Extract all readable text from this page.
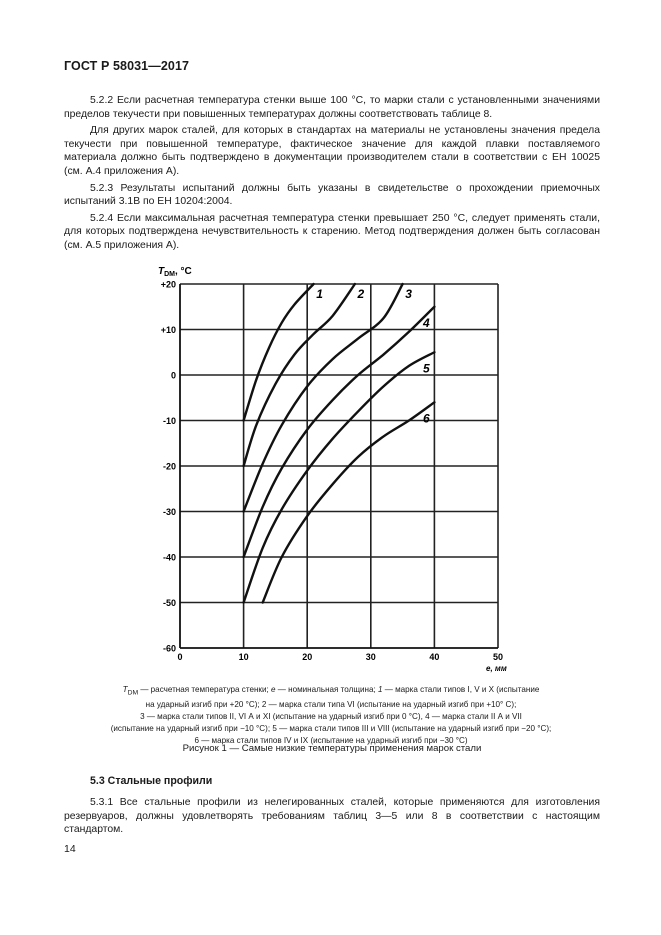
ГОСТ Р 58031—2017

5.2.2 Если расчетная температура стенки выше 100 °С, то марки стали с установленными значениями пределов текучести при повышенных температурах должны соответствовать таблице 8.

Для других марок сталей, для которых в стандартах на материалы не установлены значения предела текучести при повышенной температуре, фактическое значение для каждой плавки поставляемого материала должно быть подтверждено в документации производителем стали в соответствии с ЕН 10025 (см. А.4 приложения А).

5.2.3 Результаты испытаний должны быть указаны в свидетельстве о прохождении приемочных испытаний 3.1В по ЕН 10204:2004.

5.2.4 Если максимальная расчетная температура стенки превышает 250 °С, следует применять стали, для которых подтверждена нечувствительность к старению. Метод подтверждения должен быть согласован (см. А.5 приложения А).

+20
+10
0
-10
-20
-30
-40
-50
-60
0	10	20	30	40	50
$T_{DM}$, °С
e, мм
1	2	3
4
5
6
$T_{DM}$ — расчетная температура стенки; е — номинальная толщина; 1 — марка стали типов I, V и X (испытание
на ударный изгиб при +20 °С); 2 — марка стали типа VI (испытание на ударный изгиб при +10° С);
3 — марка стали типов II, VI А и XI (испытание на ударный изгиб при 0 °С), 4 — марка стали II А и VII
(испытание на ударный изгиб при −10 °С); 5 — марка стали типов III и VIII (испытание на ударный изгиб при −20 °С);
6 — марка стали типов IV и IX (испытание на ударный изгиб при −30 °С)
Рисунок 1 — Самые низкие температуры применения марок стали
5.3 Стальные профили

5.3.1 Все стальные профили из нелегированных сталей, которые применяются для изготовления резервуаров, должны удовлетворять требованиям таблиц 3—5 или 8 в соответствии с настоящим стандартом.

14
